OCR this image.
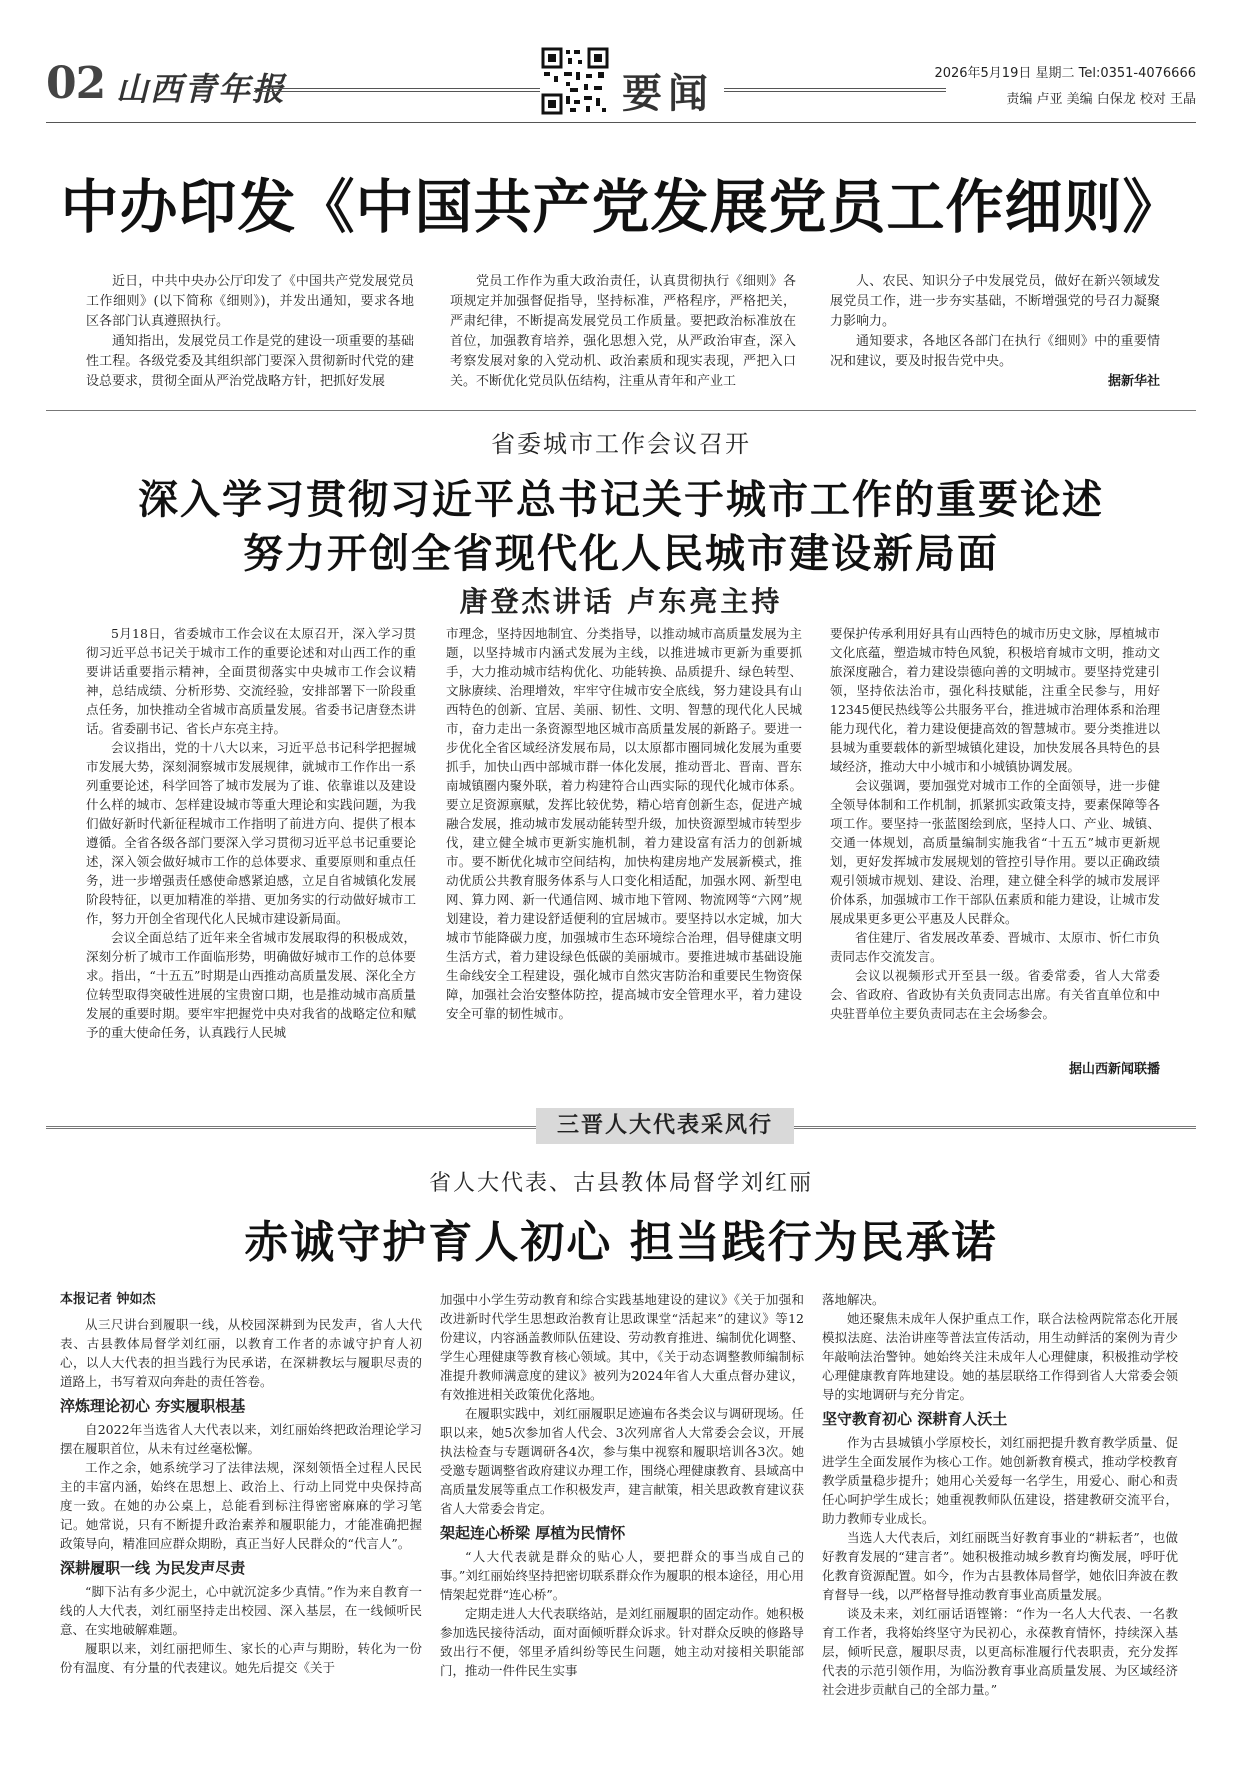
02 山西青年报	要闻	2026年5月19日 星期二 Tel:0351-4076666
责编 卢亚 美编 白保龙 校对 王晶
中办印发《中国共产党发展党员工作细则》

近日，中共中央办公厅印发了《中国共产党发展党员工作细则》(以下简称《细则》)，并发出通知，要求各地区各部门认真遵照执行。

通知指出，发展党员工作是党的建设一项重要的基础性工程。各级党委及其组织部门要深入贯彻新时代党的建设总要求，贯彻全面从严治党战略方针，把抓好发展

党员工作作为重大政治责任，认真贯彻执行《细则》各项规定并加强督促指导，坚持标准，严格程序，严格把关，严肃纪律，不断提高发展党员工作质量。要把政治标准放在首位，加强教育培养，强化思想入党，从严政治审查，深入考察发展对象的入党动机、政治素质和现实表现，严把入口关。不断优化党员队伍结构，注重从青年和产业工

人、农民、知识分子中发展党员，做好在新兴领域发展党员工作，进一步夯实基础，不断增强党的号召力凝聚力影响力。

通知要求，各地区各部门在执行《细则》中的重要情况和建议，要及时报告党中央。

据新华社
省委城市工作会议召开
深入学习贯彻习近平总书记关于城市工作的重要论述
努力开创全省现代化人民城市建设新局面
唐登杰讲话 卢东亮主持

5月18日，省委城市工作会议在太原召开，深入学习贯彻习近平总书记关于城市工作的重要论述和对山西工作的重要讲话重要指示精神，全面贯彻落实中央城市工作会议精神，总结成绩、分析形势、交流经验，安排部署下一阶段重点任务，加快推动全省城市高质量发展。省委书记唐登杰讲话。省委副书记、省长卢东亮主持。

会议指出，党的十八大以来，习近平总书记科学把握城市发展大势，深刻洞察城市发展规律，就城市工作作出一系列重要论述，科学回答了城市发展为了谁、依靠谁以及建设什么样的城市、怎样建设城市等重大理论和实践问题，为我们做好新时代新征程城市工作指明了前进方向、提供了根本遵循。全省各级各部门要深入学习贯彻习近平总书记重要论述，深入领会做好城市工作的总体要求、重要原则和重点任务，进一步增强责任感使命感紧迫感，立足自省城镇化发展阶段特征，以更加精准的举措、更加务实的行动做好城市工作，努力开创全省现代化人民城市建设新局面。

会议全面总结了近年来全省城市发展取得的积极成效，深刻分析了城市工作面临形势，明确做好城市工作的总体要求。指出，“十五五”时期是山西推动高质量发展、深化全方位转型取得突破性进展的宝贵窗口期，也是推动城市高质量发展的重要时期。要牢牢把握党中央对我省的战略定位和赋予的重大使命任务，认真践行人民城

市理念，坚持因地制宜、分类指导，以推动城市高质量发展为主题，以坚持城市内涵式发展为主线，以推进城市更新为重要抓手，大力推动城市结构优化、功能转换、品质提升、绿色转型、文脉赓续、治理增效，牢牢守住城市安全底线，努力建设具有山西特色的创新、宜居、美丽、韧性、文明、智慧的现代化人民城市，奋力走出一条资源型地区城市高质量发展的新路子。要进一步优化全省区域经济发展布局，以太原都市圈同城化发展为重要抓手，加快山西中部城市群一体化发展，推动晋北、晋南、晋东南城镇圈内聚外联，着力构建符合山西实际的现代化城市体系。要立足资源禀赋，发挥比较优势，精心培育创新生态，促进产城融合发展，推动城市发展动能转型升级，加快资源型城市转型步伐，建立健全城市更新实施机制，着力建设富有活力的创新城市。要不断优化城市空间结构，加快构建房地产发展新模式，推动优质公共教育服务体系与人口变化相适配，加强水网、新型电网、算力网、新一代通信网、城市地下管网、物流网等“六网”规划建设，着力建设舒适便利的宜居城市。要坚持以水定城，加大城市节能降碳力度，加强城市生态环境综合治理，倡导健康文明生活方式，着力建设绿色低碳的美丽城市。要推进城市基础设施生命线安全工程建设，强化城市自然灾害防治和重要民生物资保障，加强社会治安整体防控，提高城市安全管理水平，着力建设安全可靠的韧性城市。

要保护传承利用好具有山西特色的城市历史文脉，厚植城市文化底蕴，塑造城市特色风貌，积极培育城市文明，推动文旅深度融合，着力建设崇德向善的文明城市。要坚持党建引领，坚持依法治市，强化科技赋能，注重全民参与，用好12345便民热线等公共服务平台，推进城市治理体系和治理能力现代化，着力建设便捷高效的智慧城市。要分类推进以县城为重要载体的新型城镇化建设，加快发展各具特色的县域经济，推动大中小城市和小城镇协调发展。

会议强调，要加强党对城市工作的全面领导，进一步健全领导体制和工作机制，抓紧抓实政策支持，要素保障等各项工作。要坚持一张蓝图绘到底，坚持人口、产业、城镇、交通一体规划，高质量编制实施我省“十五五”城市更新规划，更好发挥城市发展规划的管控引导作用。要以正确政绩观引领城市规划、建设、治理，建立健全科学的城市发展评价体系，加强城市工作干部队伍素质和能力建设，让城市发展成果更多更公平惠及人民群众。

省住建厅、省发展改革委、晋城市、太原市、忻仁市负责同志作交流发言。

会议以视频形式开至县一级。省委常委，省人大常委会、省政府、省政协有关负责同志出席。有关省直单位和中央驻晋单位主要负责同志在主会场参会。

据山西新闻联播
三晋人大代表采风行
省人大代表、古县教体局督学刘红丽
赤诚守护育人初心 担当践行为民承诺
本报记者 钟如杰

从三尺讲台到履职一线，从校园深耕到为民发声，省人大代表、古县教体局督学刘红丽，以教育工作者的赤诚守护育人初心，以人大代表的担当践行为民承诺，在深耕教坛与履职尽责的道路上，书写着双向奔赴的责任答卷。

淬炼理论初心 夯实履职根基

自2022年当选省人大代表以来，刘红丽始终把政治理论学习摆在履职首位，从未有过丝毫松懈。

工作之余，她系统学习了法律法规，深刻领悟全过程人民民主的丰富内涵，始终在思想上、政治上、行动上同党中央保持高度一致。在她的办公桌上，总能看到标注得密密麻麻的学习笔记。她常说，只有不断提升政治素养和履职能力，才能准确把握政策导向，精准回应群众期盼，真正当好人民群众的“代言人”。

深耕履职一线 为民发声尽责

“脚下沾有多少泥土，心中就沉淀多少真情。”作为来自教育一线的人大代表，刘红丽坚持走出校园、深入基层，在一线倾听民意、在实地破解难题。

履职以来，刘红丽把师生、家长的心声与期盼，转化为一份份有温度、有分量的代表建议。她先后提交《关于

加强中小学生劳动教育和综合实践基地建设的建议》《关于加强和改进新时代学生思想政治教育让思政课堂“活起来”的建议》等12份建议，内容涵盖教师队伍建设、劳动教育推进、编制优化调整、学生心理健康等教育核心领域。其中，《关于动态调整教师编制标准提升教师满意度的建议》被列为2024年省人大重点督办建议，有效推进相关政策优化落地。

在履职实践中，刘红丽履职足迹遍布各类会议与调研现场。任职以来，她5次参加省人代会、3次列席省人大常委会会议，开展执法检查与专题调研各4次，参与集中视察和履职培训各3次。她受邀专题调整省政府建议办理工作，围绕心理健康教育、县域高中高质量发展等重点工作积极发声，建言献策，相关思政教育建议获省人大常委会肯定。

架起连心桥梁 厚植为民情怀

“人大代表就是群众的贴心人，要把群众的事当成自己的事。”刘红丽始终坚持把密切联系群众作为履职的根本途径，用心用情架起党群“连心桥”。

定期走进人大代表联络站，是刘红丽履职的固定动作。她积极参加选民接待活动，面对面倾听群众诉求。针对群众反映的修路导致出行不便，邻里矛盾纠纷等民生问题，她主动对接相关职能部门，推动一件件民生实事

落地解决。

她还聚焦未成年人保护重点工作，联合法检两院常态化开展模拟法庭、法治讲座等普法宣传活动，用生动鲜活的案例为青少年敲响法治警钟。她始终关注未成年人心理健康，积极推动学校心理健康教育阵地建设。她的基层联络工作得到省人大常委会领导的实地调研与充分肯定。

坚守教育初心 深耕育人沃土

作为古县城镇小学原校长，刘红丽把提升教育教学质量、促进学生全面发展作为核心工作。她创新教育模式，推动学校教育教学质量稳步提升；她用心关爱每一名学生，用爱心、耐心和责任心呵护学生成长；她重视教师队伍建设，搭建教研交流平台，助力教师专业成长。

当选人大代表后，刘红丽既当好教育事业的“耕耘者”，也做好教育发展的“建言者”。她积极推动城乡教育均衡发展，呼吁优化教育资源配置。如今，作为古县教体局督学，她依旧奔波在教育督导一线，以严格督导推动教育事业高质量发展。

谈及未来，刘红丽话语铿锵：“作为一名人大代表、一名教育工作者，我将始终坚守为民初心，永葆教育情怀，持续深入基层，倾听民意，履职尽责，以更高标准履行代表职责，充分发挥代表的示范引领作用，为临汾教育事业高质量发展、为区域经济社会进步贡献自己的全部力量。”
